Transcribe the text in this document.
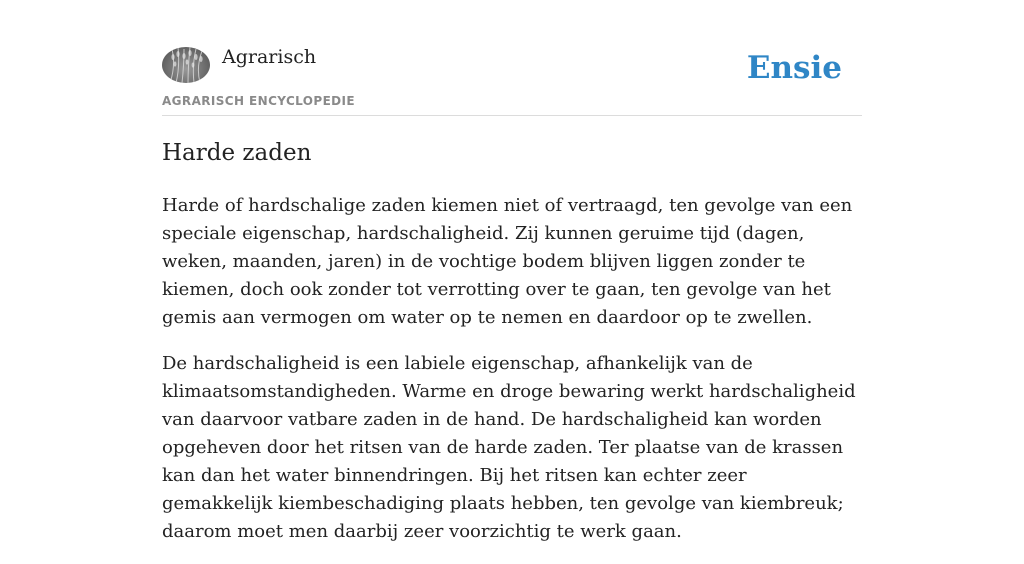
Agrarisch
AGRARISCH ENCYCLOPEDIE
Ensie
Harde zaden

Harde of hardschalige zaden kiemen niet of vertraagd, ten gevolge van een speciale eigenschap, hardschaligheid. Zij kunnen geruime tijd (dagen, weken, maanden, jaren) in de vochtige bodem blijven liggen zonder te kiemen, doch ook zonder tot verrotting over te gaan, ten gevolge van het gemis aan vermogen om water op te nemen en daardoor op te zwellen.

De hardschaligheid is een labiele eigenschap, afhankelijk van de klimaatsomstandigheden. Warme en droge bewaring werkt hardschaligheid van daarvoor vatbare zaden in de hand. De hardschaligheid kan worden opgeheven door het ritsen van de harde zaden. Ter plaatse van de krassen kan dan het water binnendringen. Bij het ritsen kan echter zeer gemakkelijk kiembeschadiging plaats hebben, ten gevolge van kiembreuk; daarom moet men daarbij zeer voorzichtig te werk gaan.
